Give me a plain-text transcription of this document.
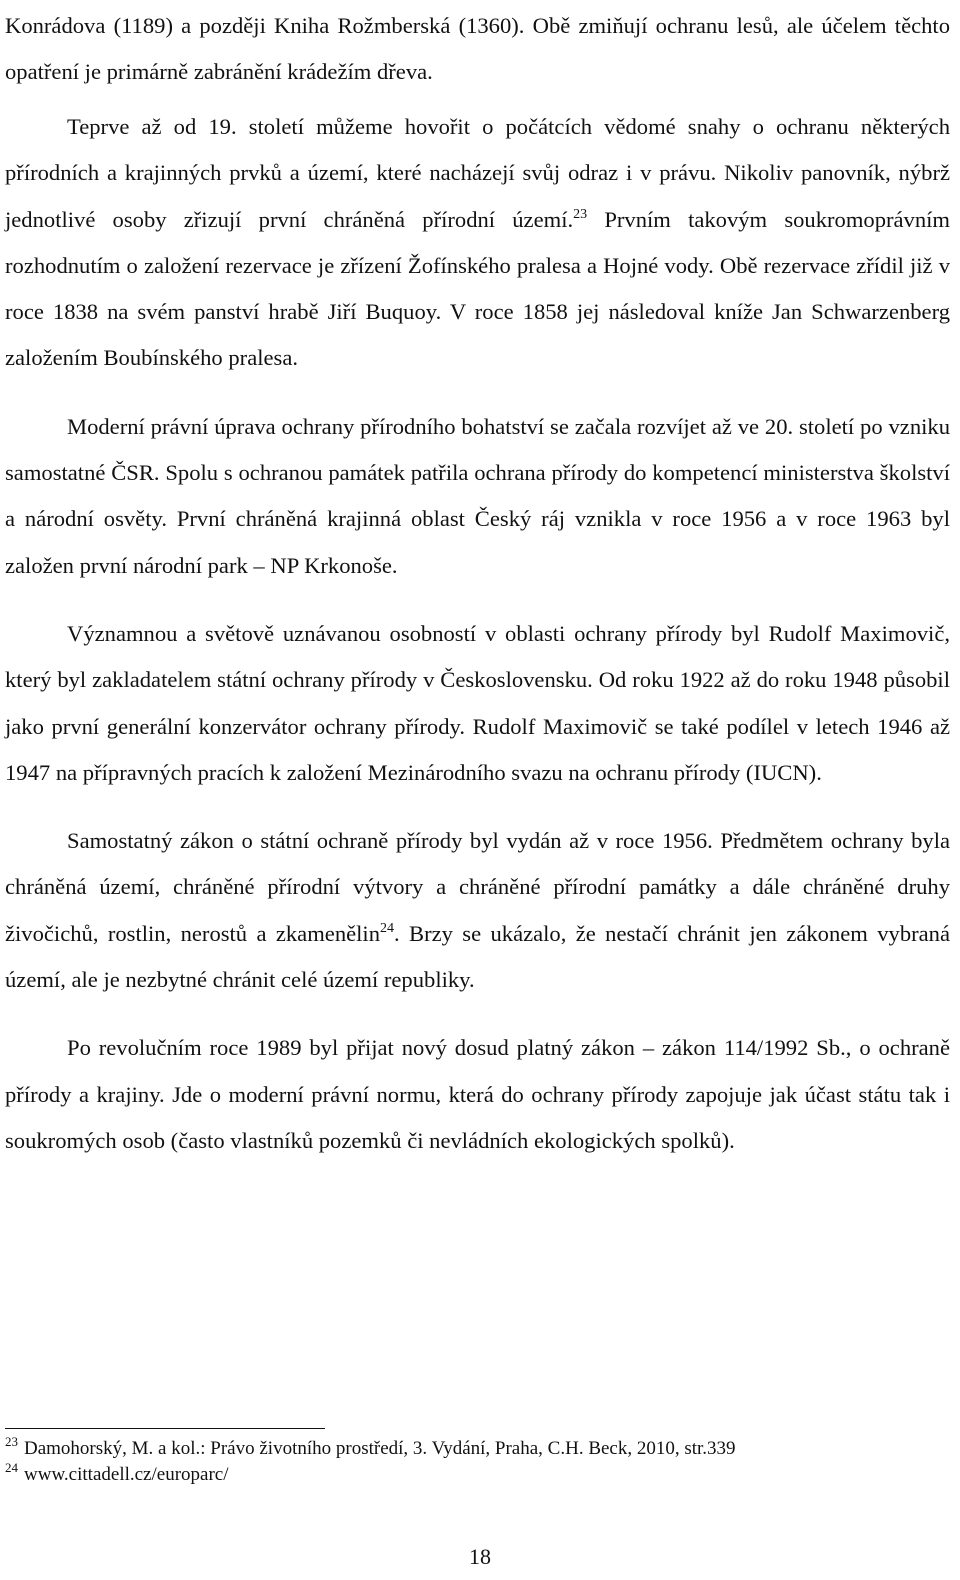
Konrádova (1189) a později Kniha Rožmberská (1360). Obě zmiňují ochranu lesů, ale účelem těchto opatření je primárně zabránění krádežím dřeva.

Teprve až od 19. století můžeme hovořit o počátcích vědomé snahy o ochranu některých přírodních a krajinných prvků a území, které nacházejí svůj odraz i v právu. Nikoliv panovník, nýbrž jednotlivé osoby zřizují první chráněná přírodní území.$^{23}$ Prvním takovým soukromoprávním rozhodnutím o založení rezervace je zřízení Žofínského pralesa a Hojné vody. Obě rezervace zřídil již v roce 1838 na svém panství hrabě Jiří Buquoy. V roce 1858 jej následoval kníže Jan Schwarzenberg založením Boubínského pralesa.

Moderní právní úprava ochrany přírodního bohatství se začala rozvíjet až ve 20. století po vzniku samostatné ČSR. Spolu s ochranou památek patřila ochrana přírody do kompetencí ministerstva školství a národní osvěty. První chráněná krajinná oblast Český ráj vznikla v roce 1956 a v roce 1963 byl založen první národní park – NP Krkonoše.

Významnou a světově uznávanou osobností v oblasti ochrany přírody byl Rudolf Maximovič, který byl zakladatelem státní ochrany přírody v Československu. Od roku 1922 až do roku 1948 působil jako první generální konzervátor ochrany přírody. Rudolf Maximovič se také podílel v letech 1946 až 1947 na přípravných pracích k založení Mezinárodního svazu na ochranu přírody (IUCN).

Samostatný zákon o státní ochraně přírody byl vydán až v roce 1956. Předmětem ochrany byla chráněná území, chráněné přírodní výtvory a chráněné přírodní památky a dále chráněné druhy živočichů, rostlin, nerostů a zkamenělin$^{24}$. Brzy se ukázalo, že nestačí chránit jen zákonem vybraná území, ale je nezbytné chránit celé území republiky.

Po revolučním roce 1989 byl přijat nový dosud platný zákon – zákon 114/1992 Sb., o ochraně přírody a krajiny. Jde o moderní právní normu, která do ochrany přírody zapojuje jak účast státu tak i soukromých osob (často vlastníků pozemků či nevládních ekologických spolků).

$^{23}$ Damohorský, M. a kol.: Právo životního prostředí, 3. Vydání, Praha, C.H. Beck, 2010, str.339

$^{24}$ www.cittadell.cz/europarc/

18
